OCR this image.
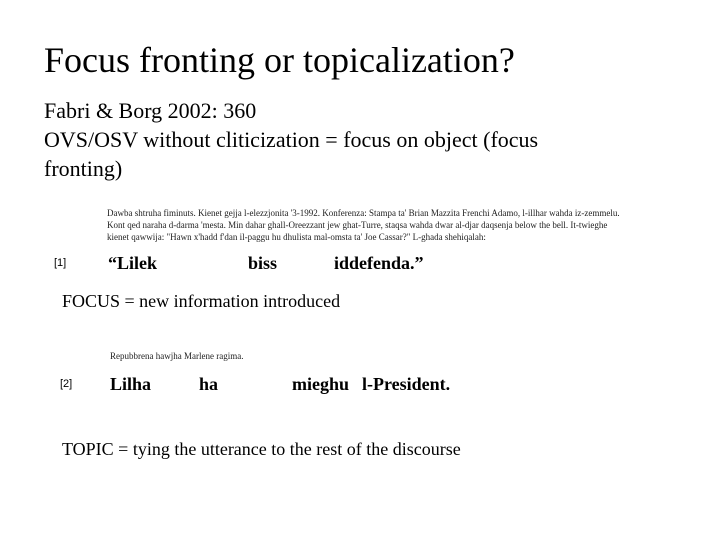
Focus fronting or topicalization?
Fabri & Borg 2002: 360
OVS/OSV without cliticization = focus on object (focus fronting)
Dawba shtruha fiminuts. Kienet gejja l-elezzjonita '3-1992. Konferenza: Stampa ta' Brian Mazzita Frenchi Adamo, l-illhar wahda iz-zemmelu. Kont qed naraha d-darma 'mesta. Min dahar ghall-Oreezzant jew ghat-Turre, staqsa wahda dwar al-djar daqsenja below the bell. It-twieghe kienet qawwija: "Hawn x'hadd f'dan il-paggu hu dhulista mal-omsta ta' Joe Cassar?" L-ghada shehiqalah:
[1] “Lilek	biss	iddefenda.”
FOCUS = new information introduced
Repubbrena hawjha Marlene ragima.
[2] Lilha	ha	mieghu l-President.
TOPIC = tying the utterance to the rest of the discourse
